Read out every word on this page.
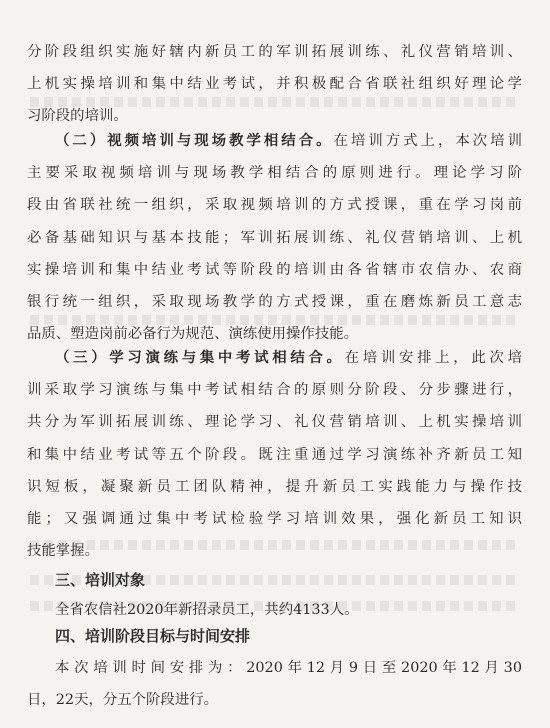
分阶段组织实施好辖内新员工的军训拓展训练、礼仪营销培训、
上机实操培训和集中结业考试，并积极配合省联社组织好理论学
习阶段的培训。
（二）视频培训与现场教学相结合。在培训方式上，本次培训
主要采取视频培训与现场教学相结合的原则进行。理论学习阶
段由省联社统一组织，采取视频培训的方式授课，重在学习岗前
必备基础知识与基本技能；军训拓展训练、礼仪营销培训、上机
实操培训和集中结业考试等阶段的培训由各省辖市农信办、农商
银行统一组织，采取现场教学的方式授课，重在磨炼新员工意志
品质、塑造岗前必备行为规范、演练使用操作技能。
（三）学习演练与集中考试相结合。在培训安排上，此次培
训采取学习演练与集中考试相结合的原则分阶段、分步骤进行，
共分为军训拓展训练、理论学习、礼仪营销培训、上机实操培训
和集中结业考试等五个阶段。既注重通过学习演练补齐新员工知
识短板，凝聚新员工团队精神，提升新员工实践能力与操作技
能；又强调通过集中考试检验学习培训效果，强化新员工知识
技能掌握。
三、培训对象
全省农信社2020年新招录员工，共约4133人。
四、培训阶段目标与时间安排
本次培训时间安排为：2020年12月9日至2020年12月30
日，22天，分五个阶段进行。
